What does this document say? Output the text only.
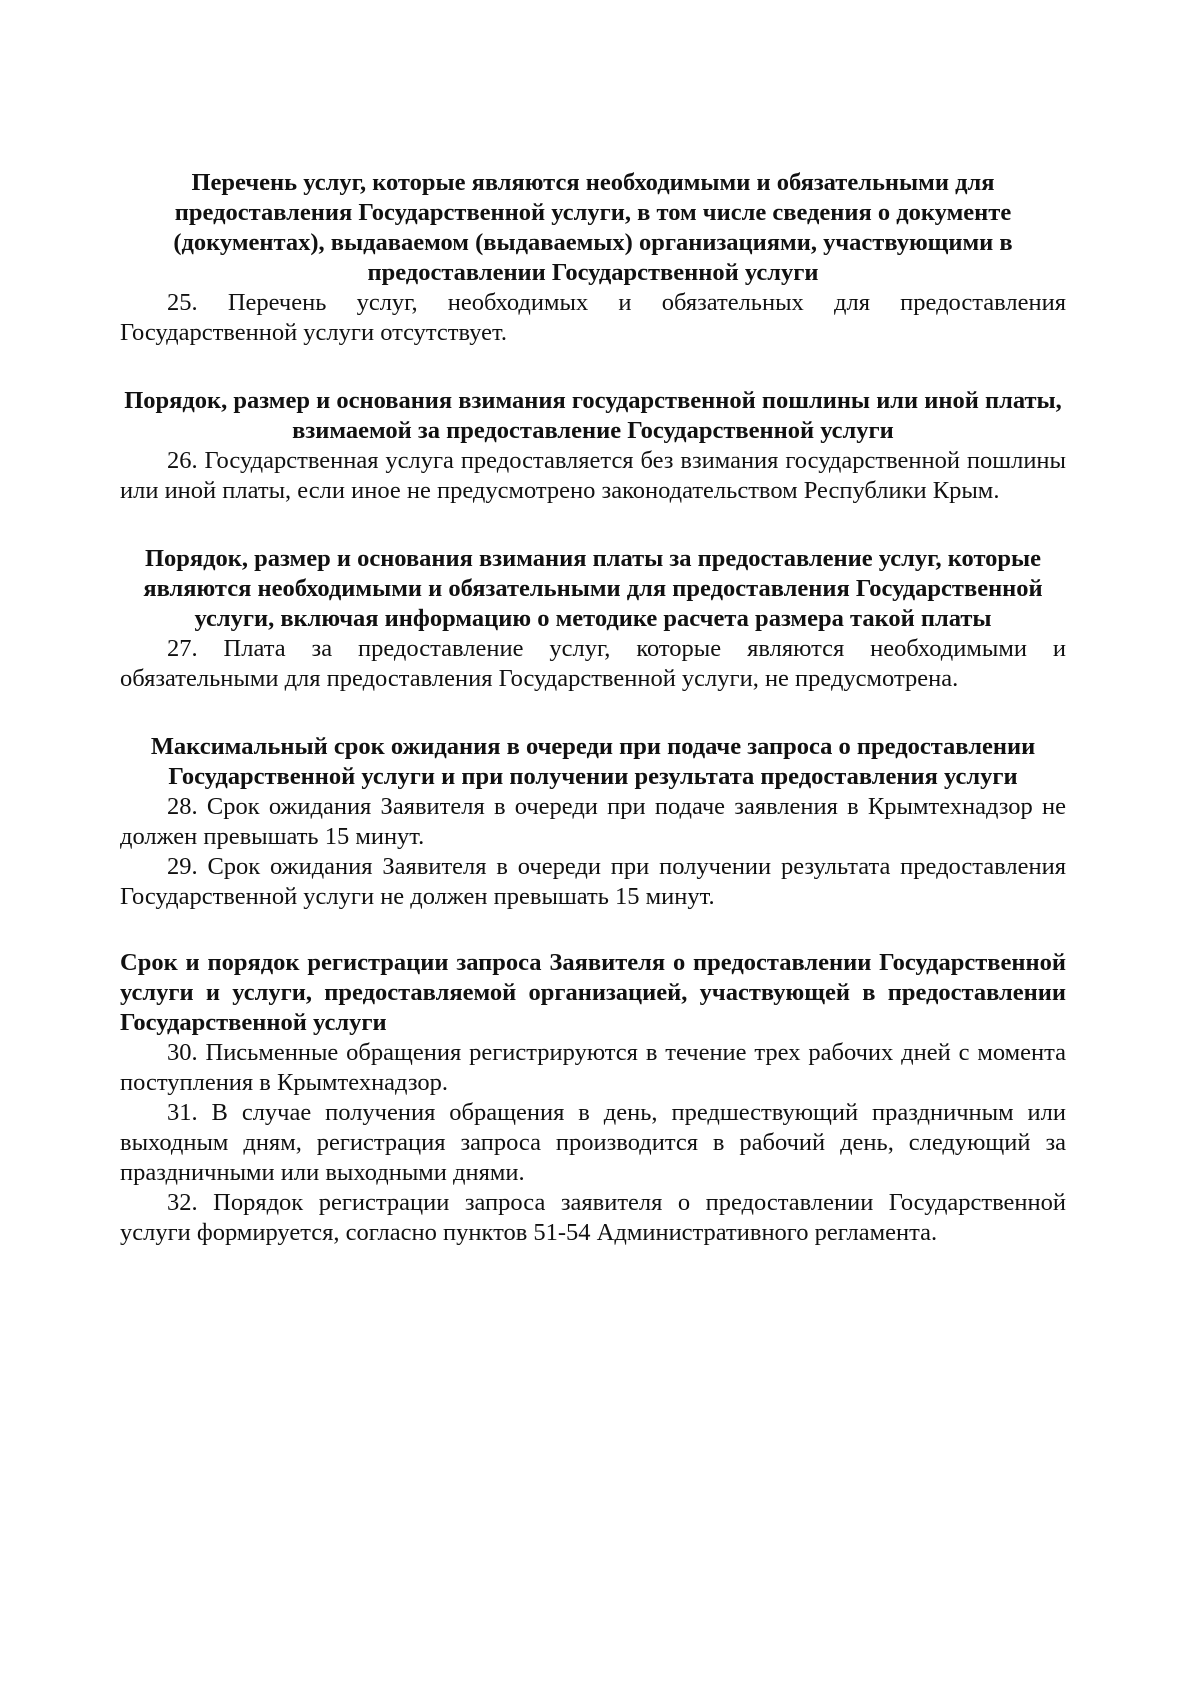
Перечень услуг, которые являются необходимыми и обязательными для предоставления Государственной услуги, в том числе сведения о документе (документах), выдаваемом (выдаваемых) организациями, участвующими в предоставлении Государственной услуги

25. Перечень услуг, необходимых и обязательных для предоставления Государственной услуги отсутствует.

Порядок, размер и основания взимания государственной пошлины или иной платы, взимаемой за предоставление Государственной услуги

26. Государственная услуга предоставляется без взимания государственной пошлины или иной платы, если иное не предусмотрено законодательством Республики Крым.

Порядок, размер и основания взимания платы за предоставление услуг, которые являются необходимыми и обязательными для предоставления Государственной услуги, включая информацию о методике расчета размера такой платы

27. Плата за предоставление услуг, которые являются необходимыми и обязательными для предоставления Государственной услуги, не предусмотрена.

Максимальный срок ожидания в очереди при подаче запроса о предоставлении Государственной услуги и при получении результата предоставления услуги

28. Срок ожидания Заявителя в очереди при подаче заявления в Крымтехнадзор не должен превышать 15 минут.

29. Срок ожидания Заявителя в очереди при получении результата предоставления Государственной услуги не должен превышать 15 минут.

Срок и порядок регистрации запроса Заявителя о предоставлении Государственной услуги и услуги, предоставляемой организацией, участвующей в предоставлении Государственной услуги

30. Письменные обращения регистрируются в течение трех рабочих дней с момента поступления в Крымтехнадзор.

31. В случае получения обращения в день, предшествующий праздничным или выходным дням, регистрация запроса производится в рабочий день, следующий за праздничными или выходными днями.

32. Порядок регистрации запроса заявителя о предоставлении Государственной услуги формируется, согласно пунктов 51-54 Административного регламента.
